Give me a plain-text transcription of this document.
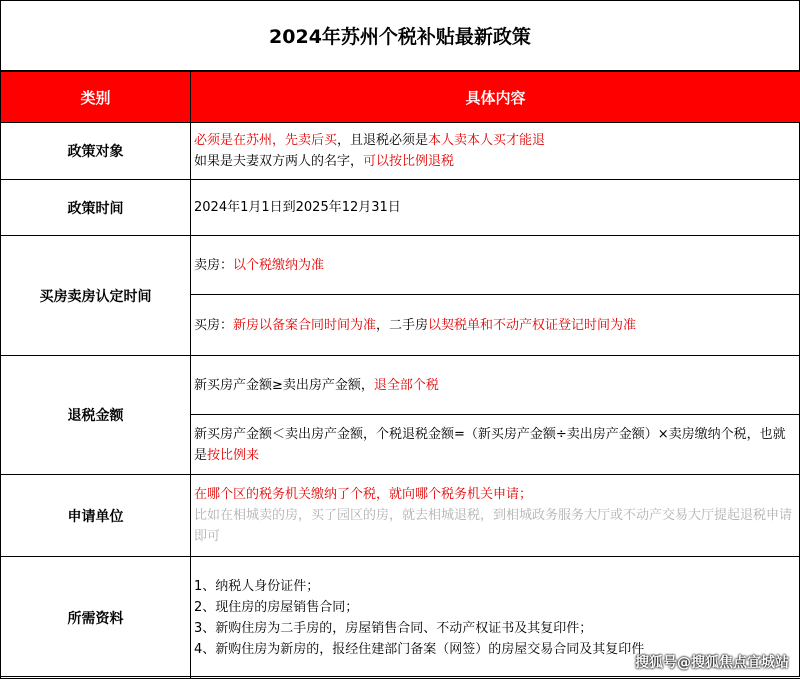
2024年苏州个税补贴最新政策
类别	具体内容
政策对象	必须是在苏州，先卖后买，且退税必须是本人卖本人买才能退
如果是夫妻双方两人的名字，可以按比例退税

政策时间	2024年1月1日到2025年12月31日
买房卖房认定时间	卖房：以个税缴纳为准
	买房：新房以备案合同时间为准，二手房以契税单和不动产权证登记时间为准
退税金额	新买房产金额≥卖出房产金额，退全部个税
	新买房产金额＜卖出房产金额，个税退税金额=（新买房产金额÷卖出房产金额）×卖房缴纳个税，也就是按比例来
申请单位	在哪个区的税务机关缴纳了个税，就向哪个税务机关申请；
比如在相城卖的房，买了园区的房，就去相城退税，到相城政务服务大厅或不动产交易大厅提起退税申请即可

所需资料	1、纳税人身份证件；
2、现住房的房屋销售合同；
3、新购住房为二手房的，房屋销售合同、不动产权证书及其复印件；
4、新购住房为新房的，报经住建部门备案（网签）的房屋交易合同及其复印件
搜狐号@搜狐焦点宜城站
